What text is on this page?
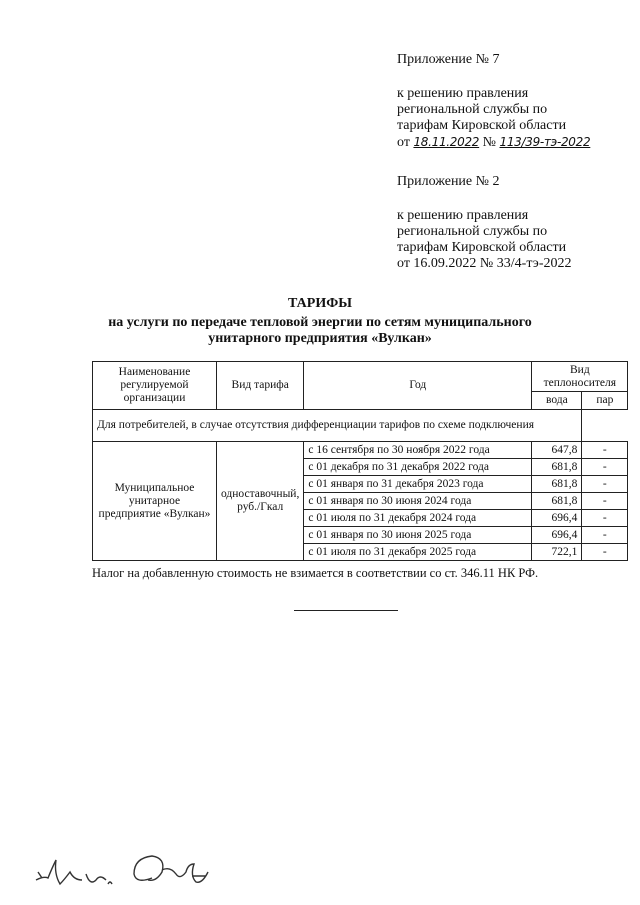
Приложение № 7
к решению правления
региональной службы по
тарифам Кировской области
от 18.11.2022 № 113/39-тэ-2022
Приложение № 2
к решению правления
региональной службы по
тарифам Кировской области
от 16.09.2022 № 33/4-тэ-2022
ТАРИФЫ
на услуги по передаче тепловой энергии по сетям муниципального
унитарного предприятия «Вулкан»
Наименование регулируемой организации	Вид тарифа	Год	Вид теплоносителя	
			вода	пар
Для потребителей, в случае отсутствия дифференциации тарифов по схеме подключения				
Муниципальное унитарное предприятие «Вулкан»	одноставочный, руб./Гкал	с 16 сентября по 30 ноября 2022 года	647,8	-
		с 01 декабря по 31 декабря 2022 года	681,8	-
		с 01 января по 31 декабря 2023 года	681,8	-
		с 01 января по 30 июня 2024 года	681,8	-
		с 01 июля по 31 декабря 2024 года	696,4	-
		с 01 января по 30 июня 2025 года	696,4	-
		с 01 июля по 31 декабря 2025 года	722,1	-
Налог на добавленную стоимость не взимается в соответствии со ст. 346.11 НК РФ.
